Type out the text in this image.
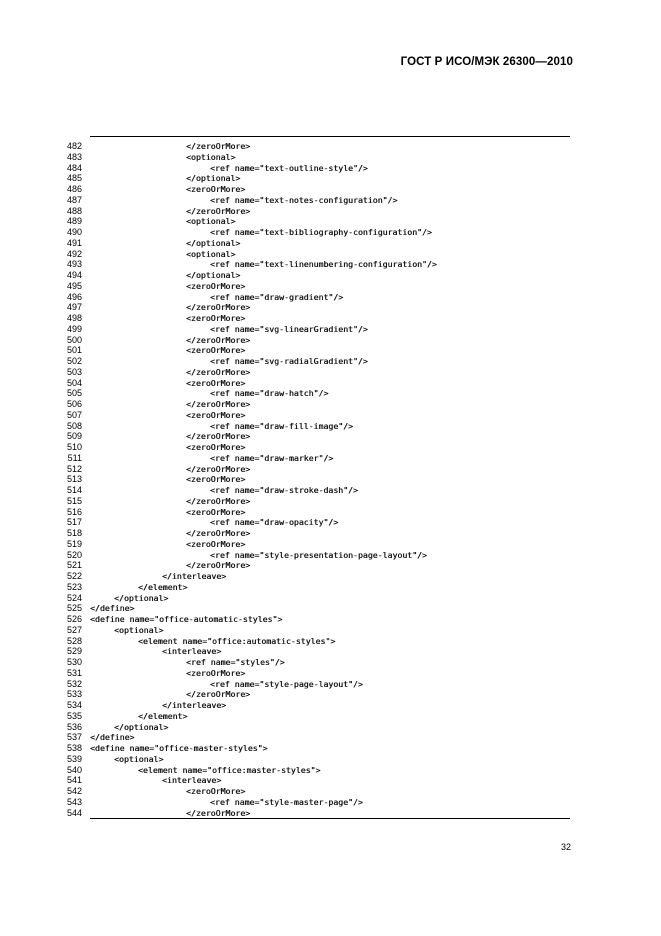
ГОСТ Р ИСО/МЭК 26300—2010
482	</zeroOrMore>
483	<optional>
484	<ref name="text-outline-style"/>
485	</optional>
486	<zeroOrMore>
487	<ref name="text-notes-configuration"/>
488	</zeroOrMore>
489	<optional>
490	<ref name="text-bibliography-configuration"/>
491	</optional>
492	<optional>
493	<ref name="text-linenumbering-configuration"/>
494	</optional>
495	<zeroOrMore>
496	<ref name="draw-gradient"/>
497	</zeroOrMore>
498	<zeroOrMore>
499	<ref name="svg-linearGradient"/>
500	</zeroOrMore>
501	<zeroOrMore>
502	<ref name="svg-radialGradient"/>
503	</zeroOrMore>
504	<zeroOrMore>
505	<ref name="draw-hatch"/>
506	</zeroOrMore>
507	<zeroOrMore>
508	<ref name="draw-fill-image"/>
509	</zeroOrMore>
510	<zeroOrMore>
511	<ref name="draw-marker"/>
512	</zeroOrMore>
513	<zeroOrMore>
514	<ref name="draw-stroke-dash"/>
515	</zeroOrMore>
516	<zeroOrMore>
517	<ref name="draw-opacity"/>
518	</zeroOrMore>
519	<zeroOrMore>
520	<ref name="style-presentation-page-layout"/>
521	</zeroOrMore>
522	</interleave>
523	</element>
524	</optional>
525 </define>
526 <define name="office-automatic-styles">
527	<optional>
528	<element name="office:automatic-styles">
529	<interleave>
530	<ref name="styles"/>
531	<zeroOrMore>
532	<ref name="style-page-layout"/>
533	</zeroOrMore>
534	</interleave>
535	</element>
536	</optional>
537 </define>
538 <define name="office-master-styles">
539	<optional>
540	<element name="office:master-styles">
541	<interleave>
542	<zeroOrMore>
543	<ref name="style-master-page"/>
544	</zeroOrMore>
32
